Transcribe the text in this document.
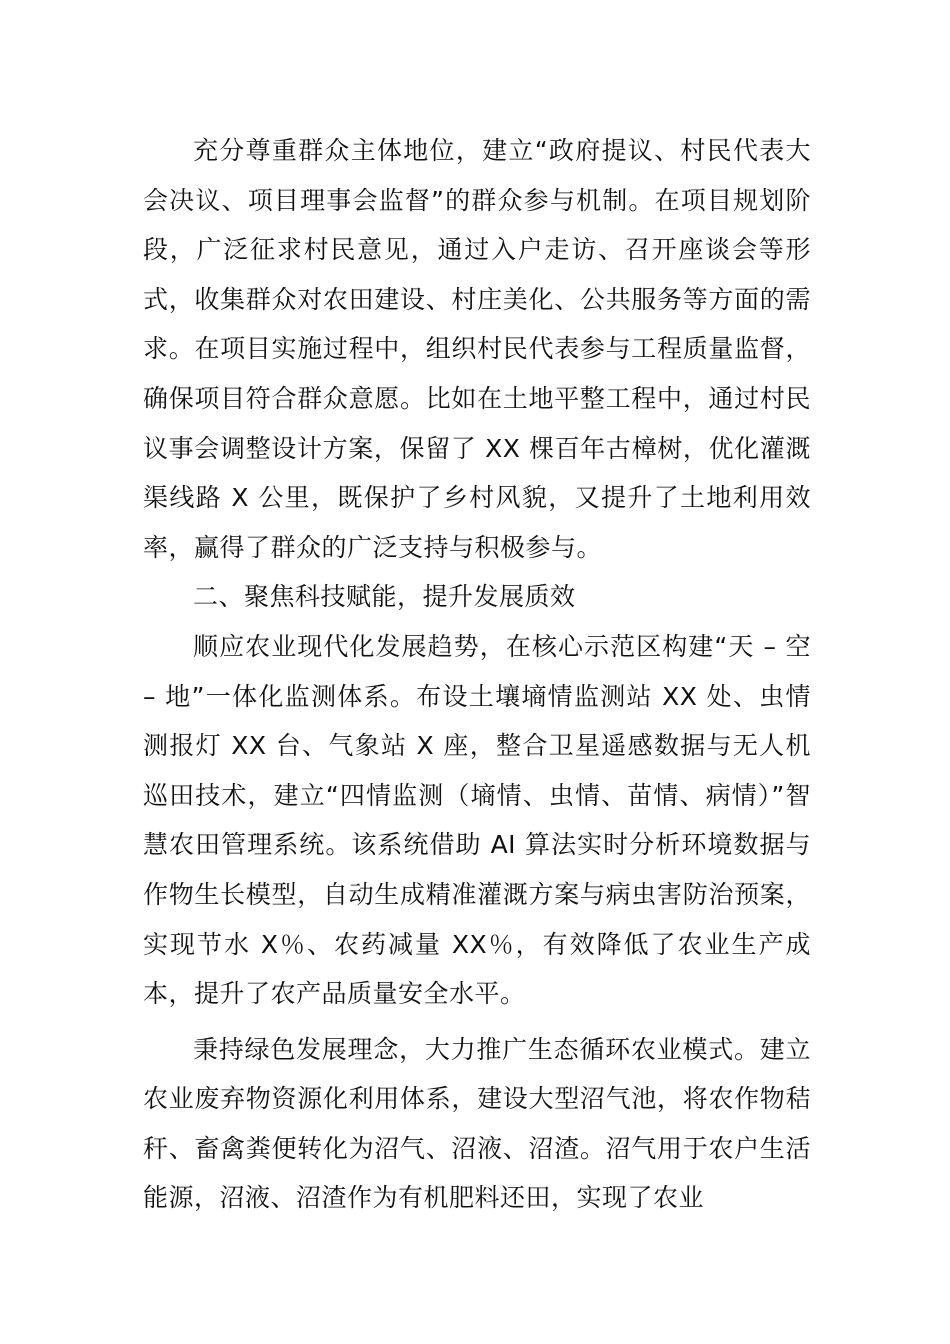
充分尊重群众主体地位，建立“政府提议、村民代表大会决议、项目理事会监督”的群众参与机制。在项目规划阶段，广泛征求村民意见，通过入户走访、召开座谈会等形式，收集群众对农田建设、村庄美化、公共服务等方面的需求。在项目实施过程中，组织村民代表参与工程质量监督，确保项目符合群众意愿。比如在土地平整工程中，通过村民议事会调整设计方案，保留了 XX 棵百年古樟树，优化灌溉渠线路 X 公里，既保护了乡村风貌，又提升了土地利用效率，赢得了群众的广泛支持与积极参与。

二、聚焦科技赋能，提升发展质效

顺应农业现代化发展趋势，在核心示范区构建“天 – 空 – 地”一体化监测体系。布设土壤墒情监测站 XX 处、虫情测报灯 XX 台、气象站 X 座，整合卫星遥感数据与无人机巡田技术，建立“四情监测（墒情、虫情、苗情、病情）”智慧农田管理系统。该系统借助 AI 算法实时分析环境数据与作物生长模型，自动生成精准灌溉方案与病虫害防治预案，实现节水 X％、农药减量 XX％，有效降低了农业生产成本，提升了农产品质量安全水平。

秉持绿色发展理念，大力推广生态循环农业模式。建立农业废弃物资源化利用体系，建设大型沼气池，将农作物秸秆、畜禽粪便转化为沼气、沼液、沼渣。沼气用于农户生活能源，沼液、沼渣作为有机肥料还田，实现了农业
